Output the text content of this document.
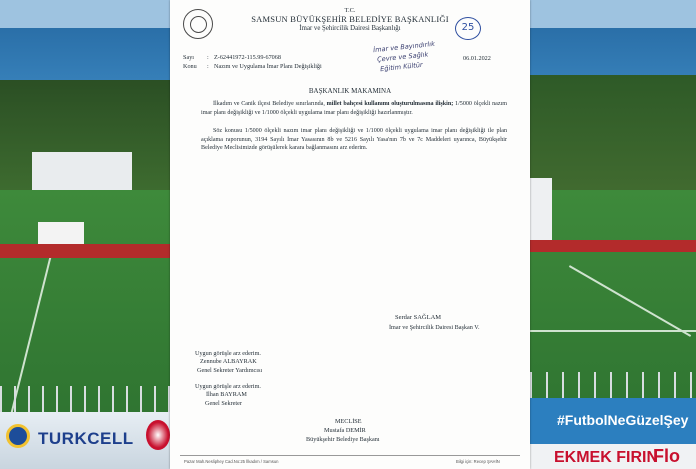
TURKCELL
#FutbolNeGüzelŞey
EKMEK FIRIN
Flo
T.C.
SAMSUN BÜYÜKŞEHİR BELEDİYE BAŞKANLIĞI
İmar ve Şehircilik Dairesi Başkanlığı	25
Sayı : Z-62441972-115.99-67068
Konu : Nazım ve Uygulama İmar Planı Değişikliği
06.01.2022
İmar ve Bayındırlık
Çevre ve Sağlık
Eğitim Kültür
BAŞKANLIK MAKAMINA
İlkadım ve Canik ilçesi Belediye sınırlarında, millet bahçesi kullanımı oluşturulmasına ilişkin; 1/5000 ölçekli nazım imar planı değişikliği ve 1/1000 ölçekli uygulama imar planı değişikliği hazırlanmıştır.
Söz konusu 1/5000 ölçekli nazım imar planı değişikliği ve 1/1000 ölçekli uygulama imar planı değişikliği ile plan açıklama raporunun, 3194 Sayılı İmar Yasasının 8b ve 5216 Sayılı Yasa'nın 7b ve 7c Maddeleri uyarınca, Büyükşehir Belediye Meclisimizde görüşülerek karara bağlanmasını arz ederim.
Serdar SAĞLAM
İmar ve Şehircilik Dairesi Başkan V.
Uygun görüşle arz ederim.
Zennube ALBAYRAK
Genel Sekreter Yardımcısı
Uygun görüşle arz ederim.
İlhan BAYRAM
Genel Sekreter
MECLİSE
Mustafa DEMİR
Büyükşehir Belediye Başkanı
Pazar Mah.Nesliphey Cad.No:25 İlkadım / Samsun	Bilgi için: Recep ŞAHİN
